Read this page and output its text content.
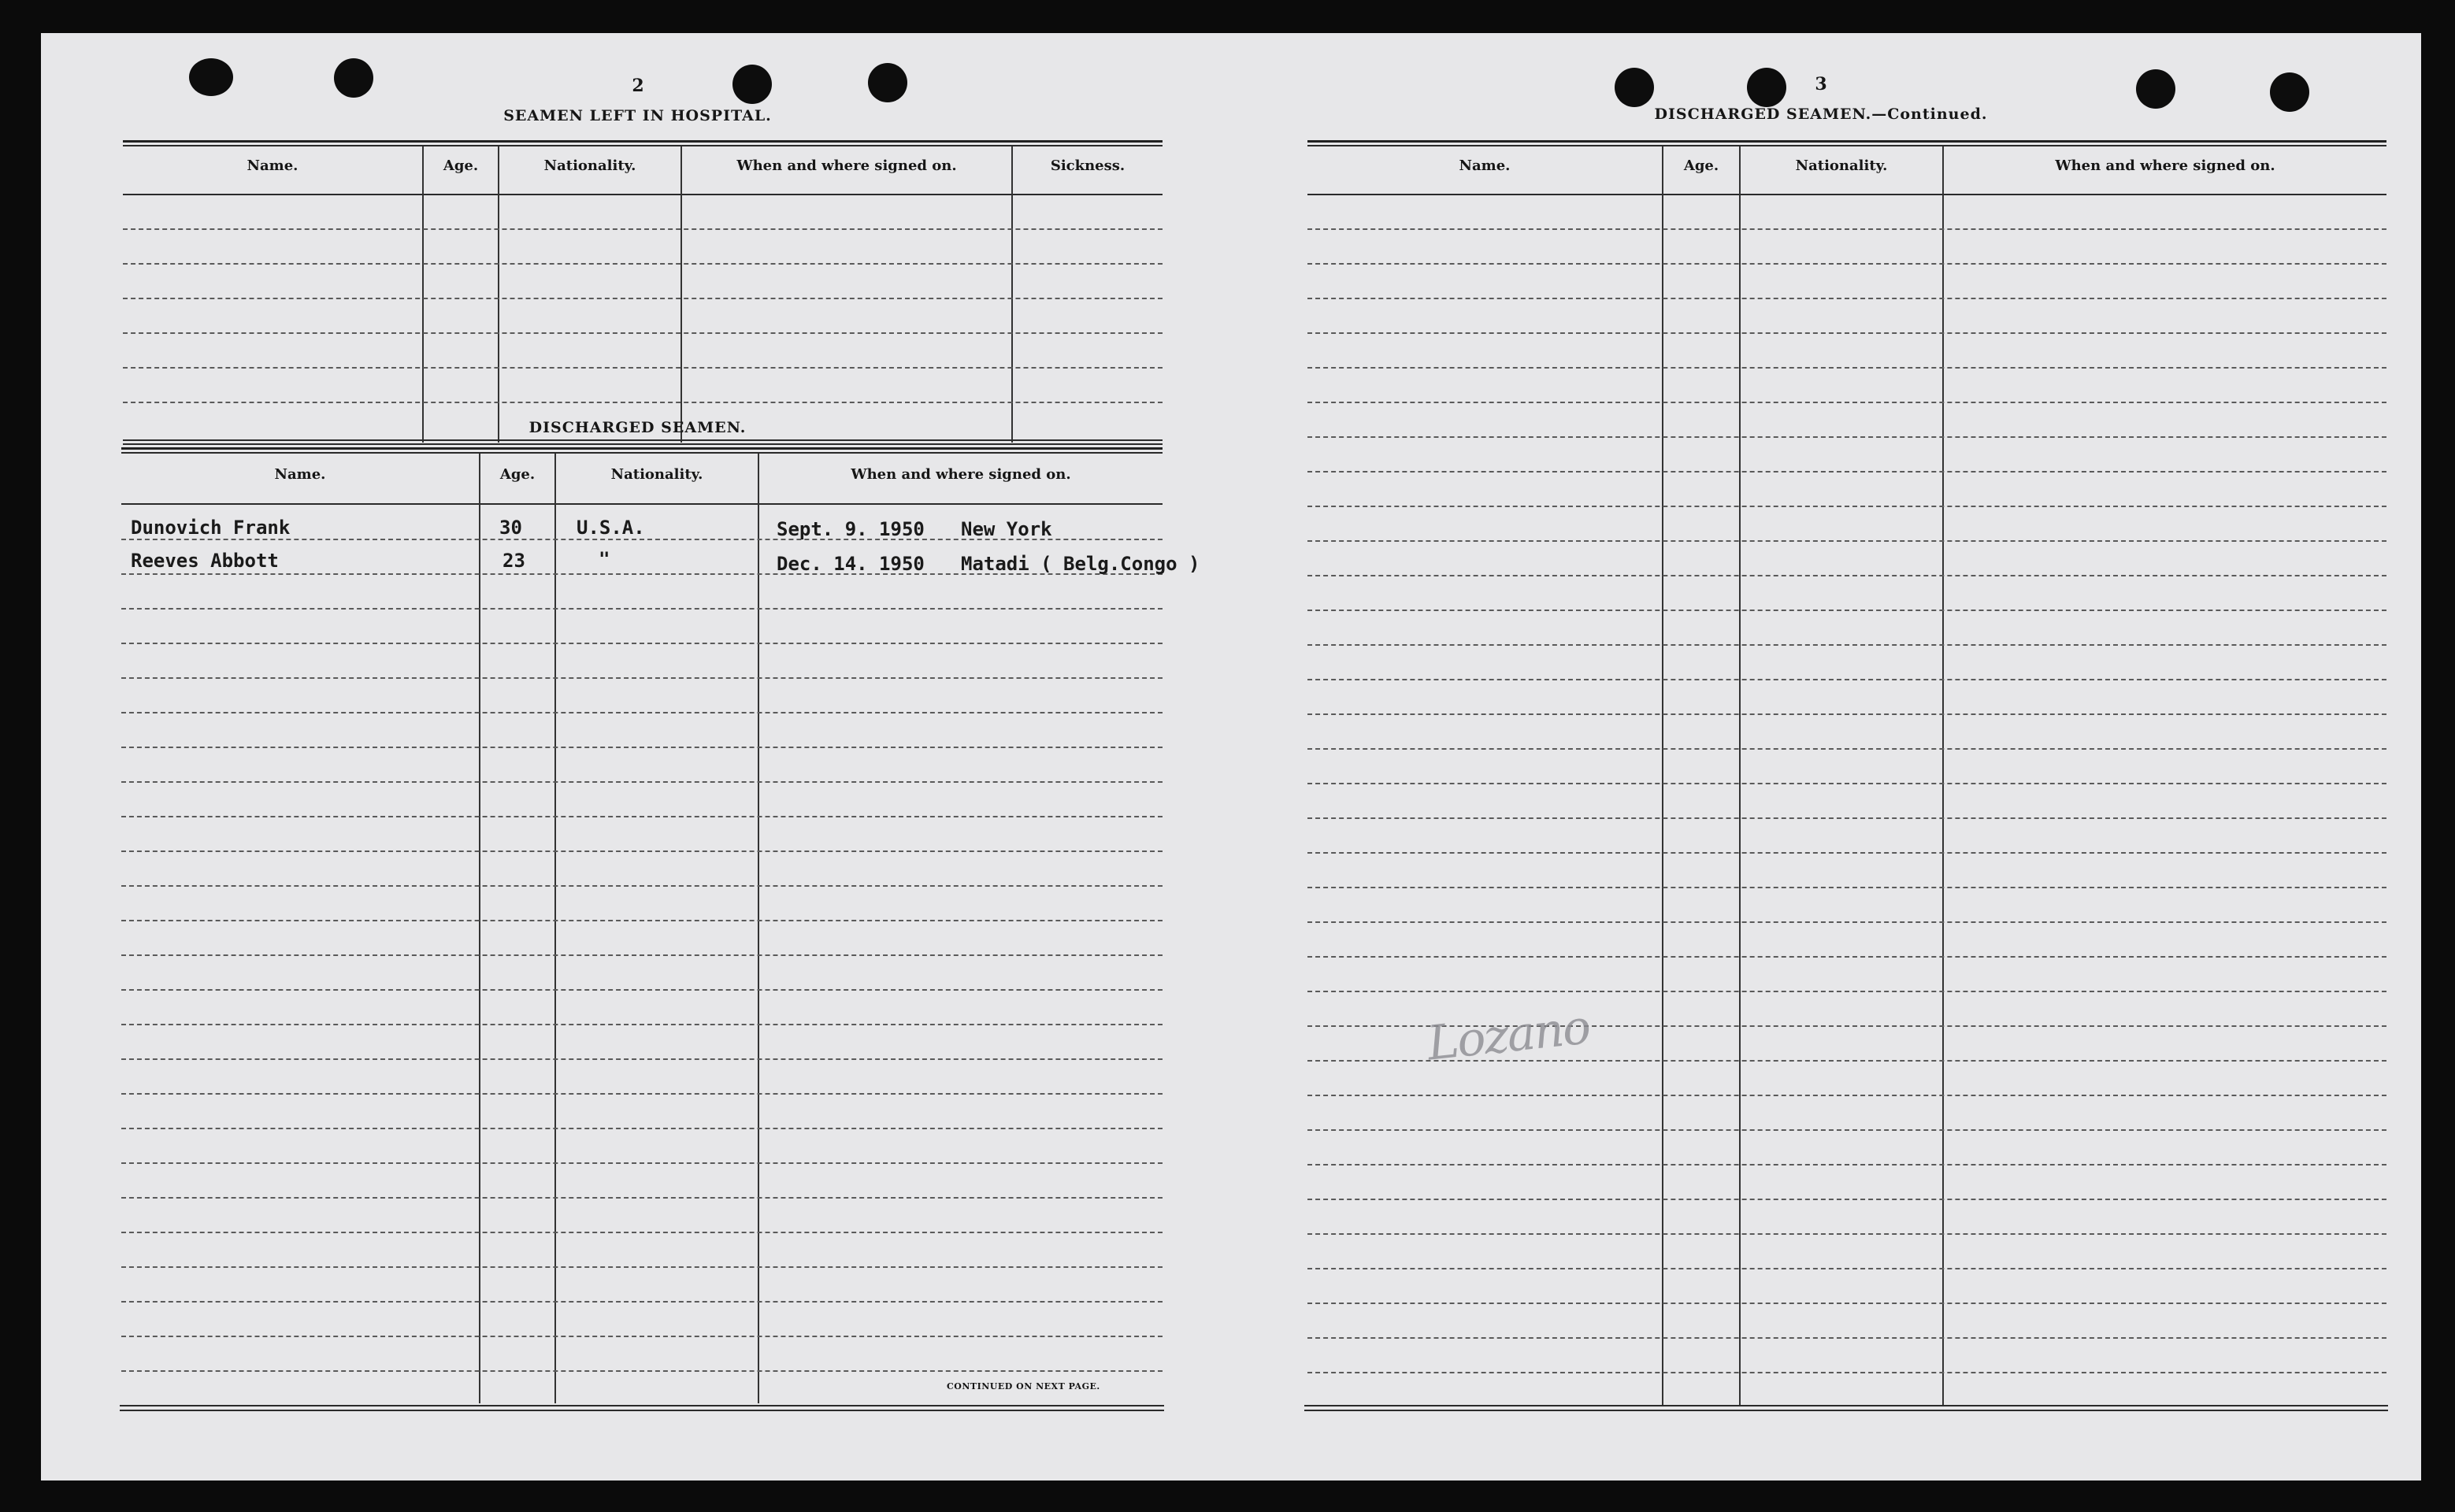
2
SEAMEN LEFT IN HOSPITAL.
Name.	Age.	Nationality.	When and where signed on.	Sickness.
DISCHARGED SEAMEN.
Name.	Age.	Nationality.	When and where signed on.
Dunovich Frank	30	U.S.A.	Sept. 9. 1950 New York
Reeves Abbott	23	"	Dec. 14. 1950 Matadi ( Belg.Congo )
CONTINUED ON NEXT PAGE.
3
DISCHARGED SEAMEN.—Continued.
Name.	Age.	Nationality.	When and where signed on.
Lozano
